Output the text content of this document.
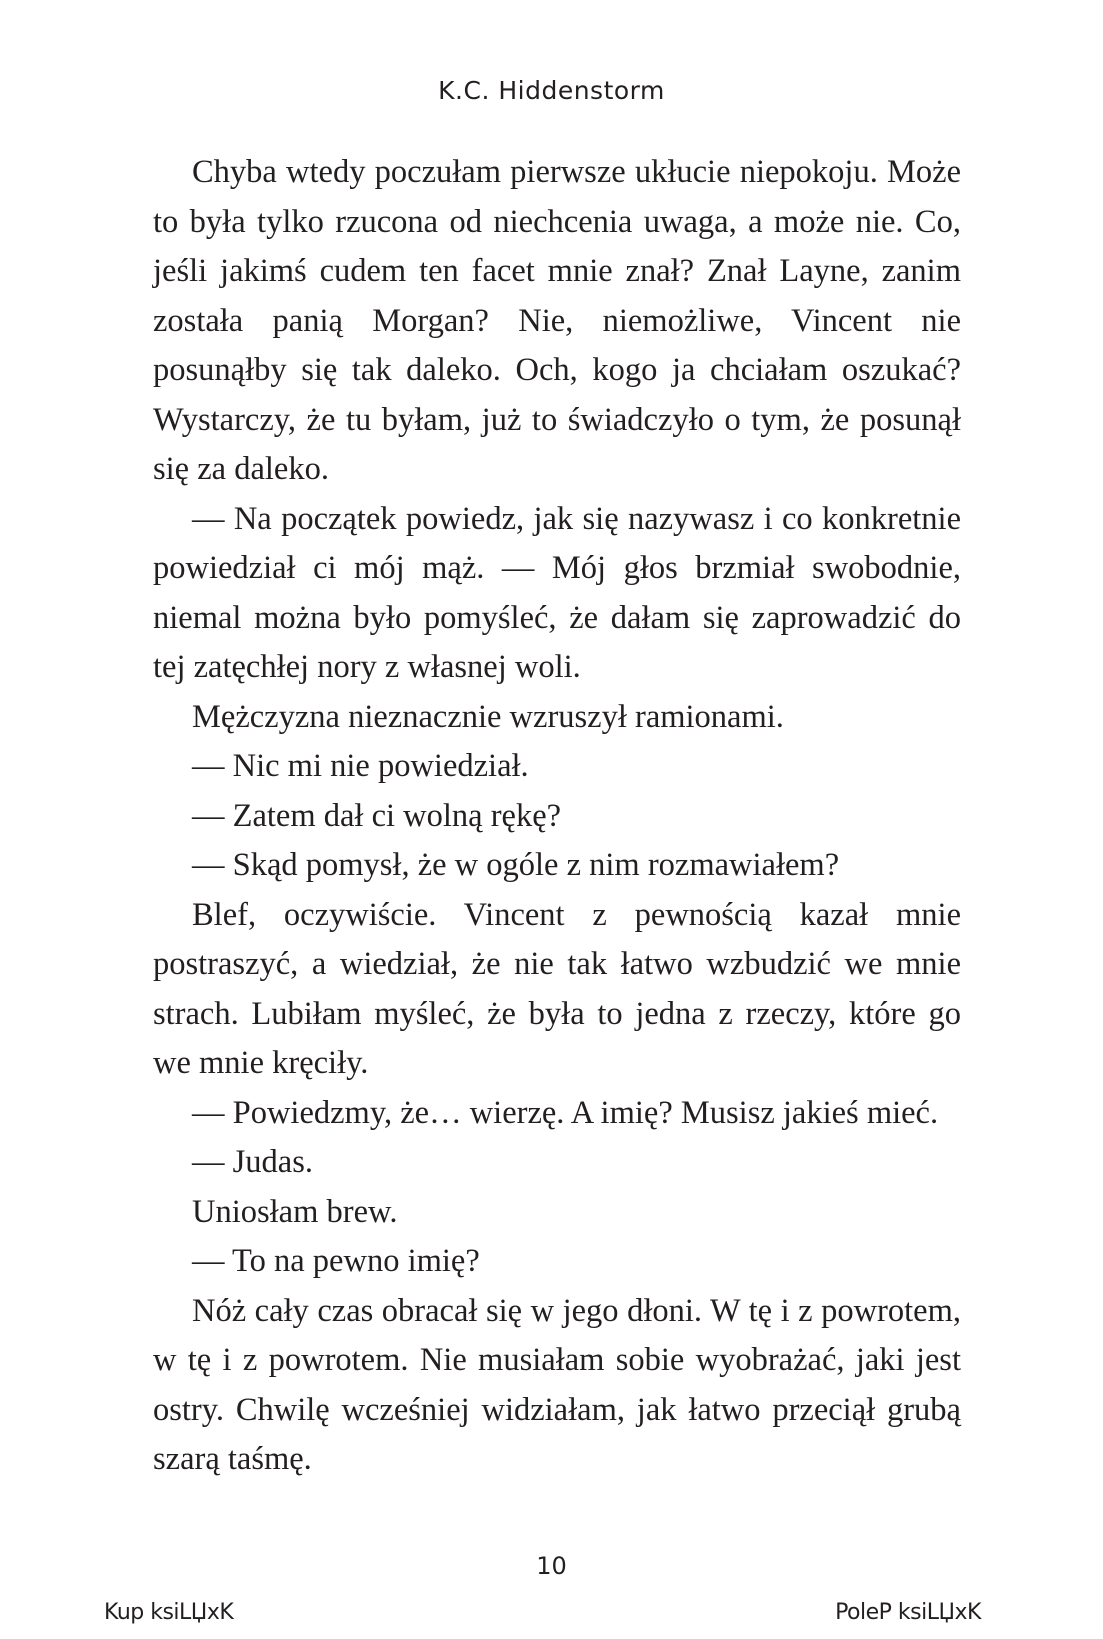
K.C. Hiddenstorm

Chyba wtedy poczułam pierwsze ukłucie niepokoju. Może to była tylko rzucona od niechcenia uwaga, a może nie. Co, jeśli jakimś cudem ten facet mnie znał? Znał Layne, zanim została panią Morgan? Nie, niemożliwe, Vincent nie posunąłby się tak daleko. Och, kogo ja chciałam oszukać? Wystarczy, że tu byłam, już to świadczyło o tym, że posunął się za daleko.

— Na początek powiedz, jak się nazywasz i co konkretnie powiedział ci mój mąż. — Mój głos brzmiał swobodnie, niemal można było pomyśleć, że dałam się zaprowadzić do tej zatęchłej nory z własnej woli.

Mężczyzna nieznacznie wzruszył ramionami.

— Nic mi nie powiedział.

— Zatem dał ci wolną rękę?

— Skąd pomysł, że w ogóle z nim rozmawiałem?

Blef, oczywiście. Vincent z pewnością kazał mnie postraszyć, a wiedział, że nie tak łatwo wzbudzić we mnie strach. Lubiłam myśleć, że była to jedna z rzeczy, które go we mnie kręciły.

— Powiedzmy, że… wierzę. A imię? Musisz jakieś mieć.

— Judas.

Uniosłam brew.

— To na pewno imię?

Nóż cały czas obracał się w jego dłoni. W tę i z powrotem, w tę i z powrotem. Nie musiałam sobie wyobrażać, jaki jest ostry. Chwilę wcześniej widziałam, jak łatwo przeciął grubą szarą taśmę.

10
Kup ksiLЏxK	PoleP ksiLЏxK
